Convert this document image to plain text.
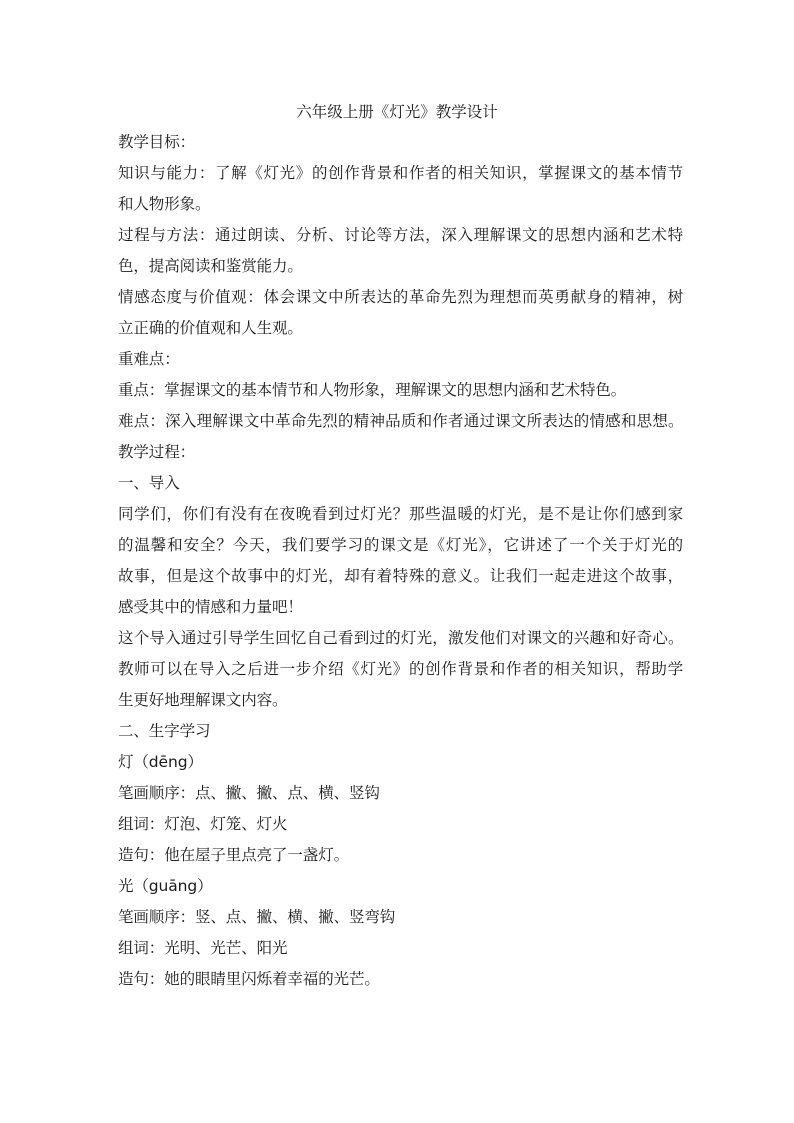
六年级上册《灯光》教学设计
教学目标：
知识与能力：了解《灯光》的创作背景和作者的相关知识，掌握课文的基本情节
和人物形象。
过程与方法：通过朗读、分析、讨论等方法，深入理解课文的思想内涵和艺术特
色，提高阅读和鉴赏能力。
情感态度与价值观：体会课文中所表达的革命先烈为理想而英勇献身的精神，树
立正确的价值观和人生观。
重难点：
重点：掌握课文的基本情节和人物形象，理解课文的思想内涵和艺术特色。
难点：深入理解课文中革命先烈的精神品质和作者通过课文所表达的情感和思想。
教学过程：
一、导入
同学们，你们有没有在夜晚看到过灯光？那些温暖的灯光，是不是让你们感到家
的温馨和安全？今天，我们要学习的课文是《灯光》，它讲述了一个关于灯光的
故事，但是这个故事中的灯光，却有着特殊的意义。让我们一起走进这个故事，
感受其中的情感和力量吧！
这个导入通过引导学生回忆自己看到过的灯光，激发他们对课文的兴趣和好奇心。
教师可以在导入之后进一步介绍《灯光》的创作背景和作者的相关知识，帮助学
生更好地理解课文内容。
二、生字学习
灯（dēng）
笔画顺序：点、撇、撇、点、横、竖钩
组词：灯泡、灯笼、灯火
造句：他在屋子里点亮了一盏灯。
光（guāng）
笔画顺序：竖、点、撇、横、撇、竖弯钩
组词：光明、光芒、阳光
造句：她的眼睛里闪烁着幸福的光芒。
